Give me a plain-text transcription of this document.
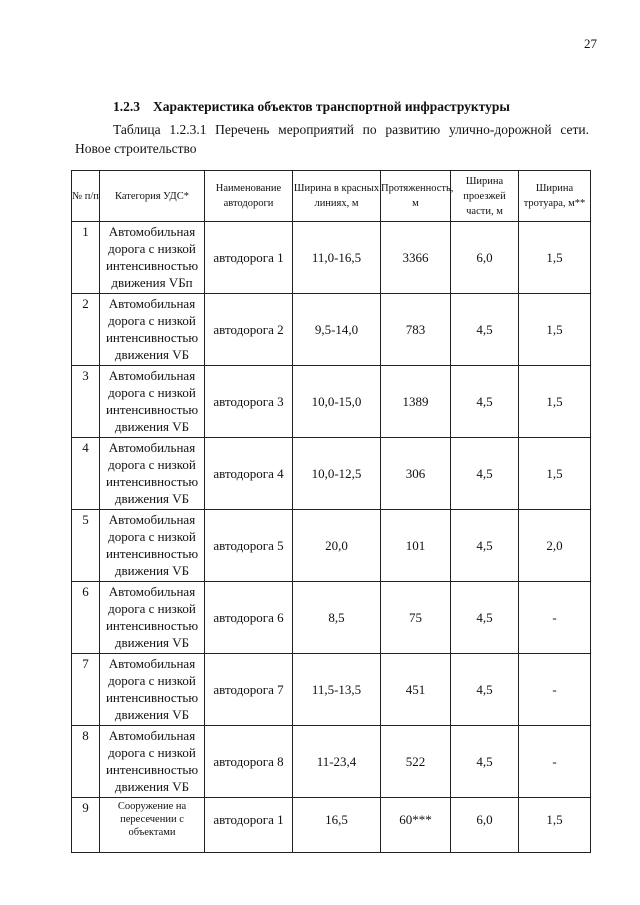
27
1.2.3 Характеристика объектов транспортной инфраструктуры
Таблица 1.2.3.1 Перечень мероприятий по развитию улично-дорожной сети. Новое строительство
№ п/п	Категория УДС*	Наименование автодороги	Ширина в красных линиях, м	Протяженность, м	Ширина проезжей части, м	Ширина тротуара, м**
1	Автомобильная дорога с низкой интенсивностью движения VБп	автодорога 1	11,0-16,5	3366	6,0	1,5
2	Автомобильная дорога с низкой интенсивностью движения VБ	автодорога 2	9,5-14,0	783	4,5	1,5
3	Автомобильная дорога с низкой интенсивностью движения VБ	автодорога 3	10,0-15,0	1389	4,5	1,5
4	Автомобильная дорога с низкой интенсивностью движения VБ	автодорога 4	10,0-12,5	306	4,5	1,5
5	Автомобильная дорога с низкой интенсивностью движения VБ	автодорога 5	20,0	101	4,5	2,0
6	Автомобильная дорога с низкой интенсивностью движения VБ	автодорога 6	8,5	75	4,5	-
7	Автомобильная дорога с низкой интенсивностью движения VБ	автодорога 7	11,5-13,5	451	4,5	-
8	Автомобильная дорога с низкой интенсивностью движения VБ	автодорога 8	11-23,4	522	4,5	-
9	Сооружение на пересечении с объектами	автодорога 1	16,5	60***	6,0	1,5
